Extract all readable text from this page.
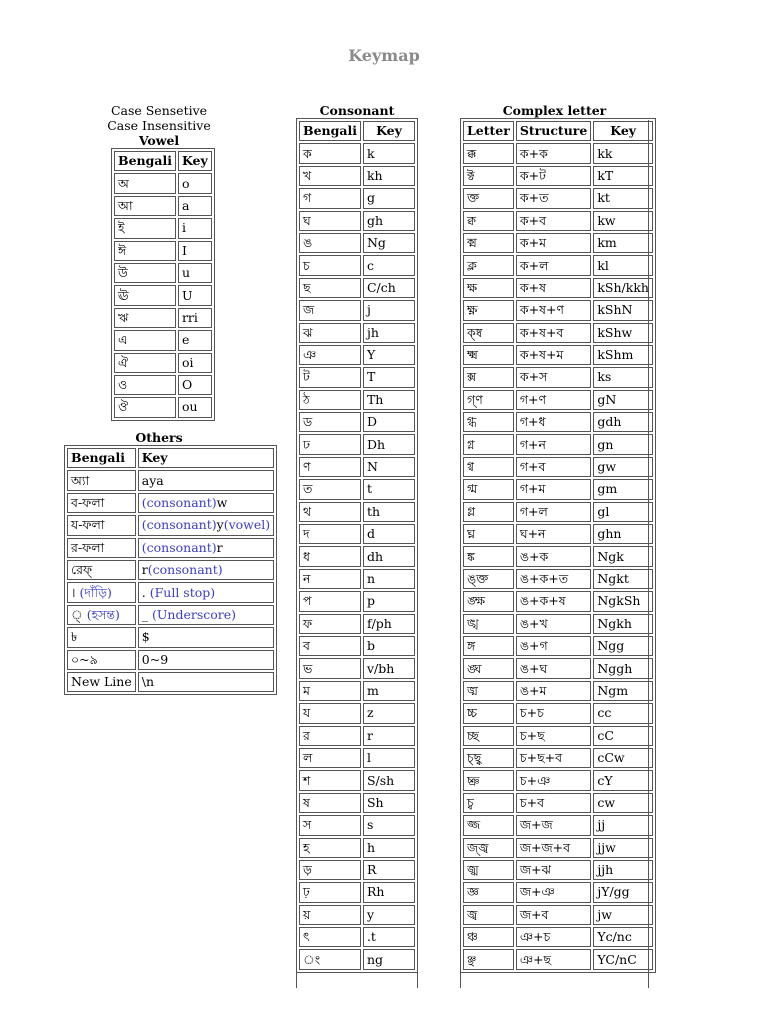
Keymap
Case Sensetive
Case Insensitive
Vowel
Bengali	Key
অ	o
আ	a
ই	i
ঈ	I
উ	u
ঊ	U
ঋ	rri
এ	e
ঐ	oi
ও	O
ঔ	ou
Others
Bengali	Key
অ্যা	aya
ব-ফলা	(consonant)w
য-ফলা	(consonant)y(vowel)
র-ফলা	(consonant)r
রেফ্	r(consonant)
। (দাঁড়ি)	. (Full stop)
্ (হসন্ত)	_ (Underscore)
৳	$
০~৯	0~9
New Line	\n
Consonant
Bengali	Key
ক	k
খ	kh
গ	g
ঘ	gh
ঙ	Ng
চ	c
ছ	C/ch
জ	j
ঝ	jh
ঞ	Y
ট	T
ঠ	Th
ড	D
ঢ	Dh
ণ	N
ত	t
থ	th
দ	d
ধ	dh
ন	n
প	p
ফ	f/ph
ব	b
ভ	v/bh
ম	m
য	z
র	r
ল	l
শ	S/sh
ষ	Sh
স	s
হ	h
ড়	R
ঢ়	Rh
য়	y
ৎ	.t
ং	ng
Complex letter
Letter	Structure	Key
ক্ক	ক+ক	kk
ক্ট	ক+ট	kT
ক্ত	ক+ত	kt
ক্ব	ক+ব	kw
ক্ম	ক+ম	km
ক্ল	ক+ল	kl
ক্ষ	ক+ষ	kSh/kkh
ক্ষ্ণ	ক+ষ+ণ	kShN
ক্ষ্ব	ক+ষ+ব	kShw
ক্ষ্ম	ক+ষ+ম	kShm
ক্স	ক+স	ks
গ্ণ	গ+ণ	gN
গ্ধ	গ+ধ	gdh
গ্ন	গ+ন	gn
গ্ব	গ+ব	gw
গ্ম	গ+ম	gm
গ্ল	গ+ল	gl
ঘ্ন	ঘ+ন	ghn
ঙ্ক	ঙ+ক	Ngk
ঙ্ক্ত	ঙ+ক+ত	Ngkt
ঙ্ক্ষ	ঙ+ক+ষ	NgkSh
ঙ্খ	ঙ+খ	Ngkh
ঙ্গ	ঙ+গ	Ngg
ঙ্ঘ	ঙ+ঘ	Nggh
ঙ্ম	ঙ+ম	Ngm
চ্চ	চ+চ	cc
চ্ছ	চ+ছ	cC
চ্ছ্ব	চ+ছ+ব	cCw
চ্ঞ	চ+ঞ	cY
চ্ব	চ+ব	cw
জ্জ	জ+জ	jj
জ্জ্ব	জ+জ+ব	jjw
জ্ঝ	জ+ঝ	jjh
জ্ঞ	জ+ঞ	jY/gg
জ্ব	জ+ব	jw
ঞ্চ	ঞ+চ	Yc/nc
ঞ্ছ	ঞ+ছ	YC/nC
